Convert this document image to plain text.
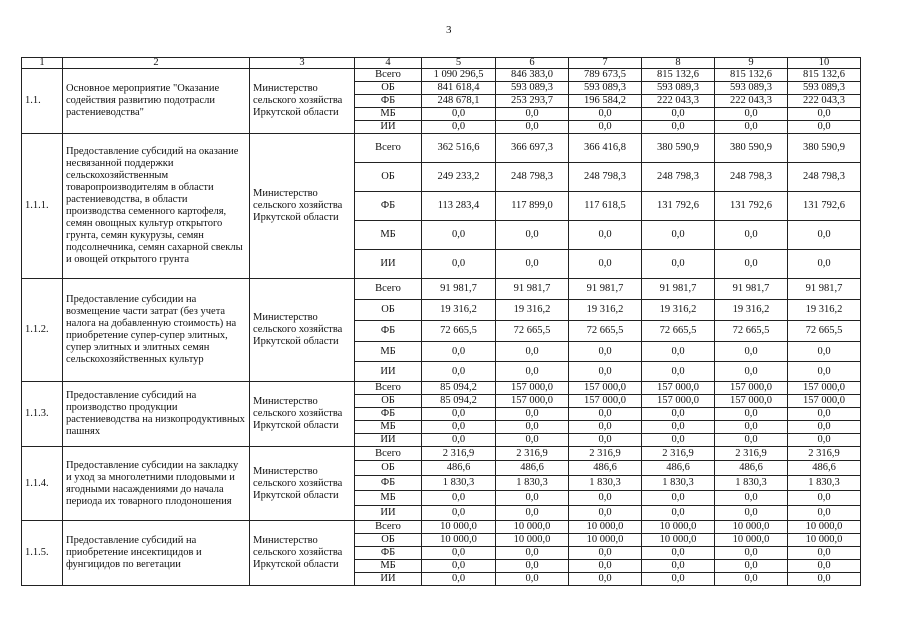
3
1	2	3	4	5	6	7	8	9	10
1.1.	Основное мероприятие "Оказание содействия развитию подотрасли растениеводства"	Министерство сельского хозяйства Иркутской области	Всего	1 090 296,5	846 383,0	789 673,5	815 132,6	815 132,6	815 132,6
			ОБ	841 618,4	593 089,3	593 089,3	593 089,3	593 089,3	593 089,3
			ФБ	248 678,1	253 293,7	196 584,2	222 043,3	222 043,3	222 043,3
			МБ	0,0	0,0	0,0	0,0	0,0	0,0
			ИИ	0,0	0,0	0,0	0,0	0,0	0,0
1.1.1.	Предоставление субсидий на оказание несвязанной поддержки сельскохозяйственным товаропроизводителям в области растениеводства, в области производства семенного картофеля, семян овощных культур открытого грунта, семян кукурузы, семян подсолнечника, семян сахарной свеклы и овощей открытого грунта	Министерство сельского хозяйства Иркутской области	Всего	362 516,6	366 697,3	366 416,8	380 590,9	380 590,9	380 590,9
			ОБ	249 233,2	248 798,3	248 798,3	248 798,3	248 798,3	248 798,3
			ФБ	113 283,4	117 899,0	117 618,5	131 792,6	131 792,6	131 792,6
			МБ	0,0	0,0	0,0	0,0	0,0	0,0
			ИИ	0,0	0,0	0,0	0,0	0,0	0,0
1.1.2.	Предоставление субсидии на возмещение части затрат (без учета налога на добавленную стоимость) на приобретение супер-супер элитных, супер элитных и элитных семян сельскохозяйственных культур	Министерство сельского хозяйства Иркутской области	Всего	91 981,7	91 981,7	91 981,7	91 981,7	91 981,7	91 981,7
			ОБ	19 316,2	19 316,2	19 316,2	19 316,2	19 316,2	19 316,2
			ФБ	72 665,5	72 665,5	72 665,5	72 665,5	72 665,5	72 665,5
			МБ	0,0	0,0	0,0	0,0	0,0	0,0
			ИИ	0,0	0,0	0,0	0,0	0,0	0,0
1.1.3.	Предоставление субсидий на производство продукции растениеводства на низкопродуктивных пашнях	Министерство сельского хозяйства Иркутской области	Всего	85 094,2	157 000,0	157 000,0	157 000,0	157 000,0	157 000,0
			ОБ	85 094,2	157 000,0	157 000,0	157 000,0	157 000,0	157 000,0
			ФБ	0,0	0,0	0,0	0,0	0,0	0,0
			МБ	0,0	0,0	0,0	0,0	0,0	0,0
			ИИ	0,0	0,0	0,0	0,0	0,0	0,0
1.1.4.	Предоставление субсидии на закладку и уход за многолетними плодовыми и ягодными насаждениями до начала периода их товарного плодоношения	Министерство сельского хозяйства Иркутской области	Всего	2 316,9	2 316,9	2 316,9	2 316,9	2 316,9	2 316,9
			ОБ	486,6	486,6	486,6	486,6	486,6	486,6
			ФБ	1 830,3	1 830,3	1 830,3	1 830,3	1 830,3	1 830,3
			МБ	0,0	0,0	0,0	0,0	0,0	0,0
			ИИ	0,0	0,0	0,0	0,0	0,0	0,0
1.1.5.	Предоставление субсидий на приобретение инсектицидов и фунгицидов по вегетации	Министерство сельского хозяйства Иркутской области	Всего	10 000,0	10 000,0	10 000,0	10 000,0	10 000,0	10 000,0
			ОБ	10 000,0	10 000,0	10 000,0	10 000,0	10 000,0	10 000,0
			ФБ	0,0	0,0	0,0	0,0	0,0	0,0
			МБ	0,0	0,0	0,0	0,0	0,0	0,0
			ИИ	0,0	0,0	0,0	0,0	0,0	0,0
